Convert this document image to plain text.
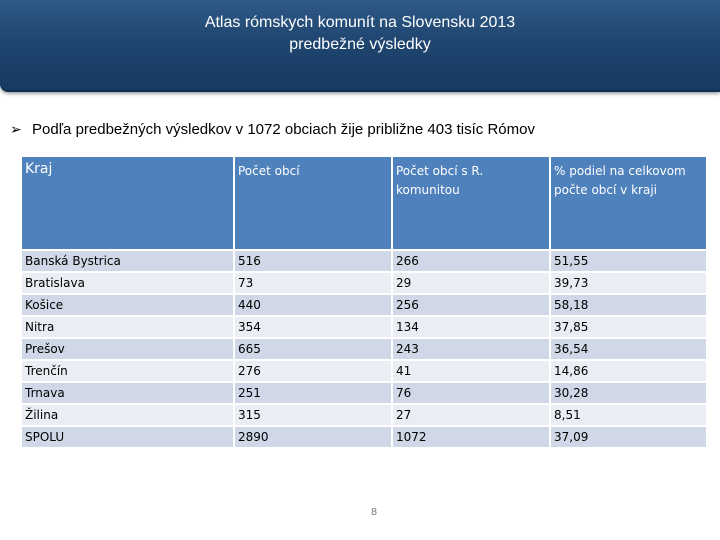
Atlas rómskych komunít na Slovensku 2013
predbežné výsledky
➢ Podľa predbežných výsledkov v 1072 obciach žije približne 403 tisíc Rómov
Kraj	Počet obcí	Počet obcí s R. komunitou	% podiel na celkovom počte obcí v kraji
Banská Bystrica	516	266	51,55
Bratislava	73	29	39,73
Košice	440	256	58,18
Nitra	354	134	37,85
Prešov	665	243	36,54
Trenčín	276	41	14,86
Trnava	251	76	30,28
Žilina	315	27	8,51
SPOLU	2890	1072	37,09
8
